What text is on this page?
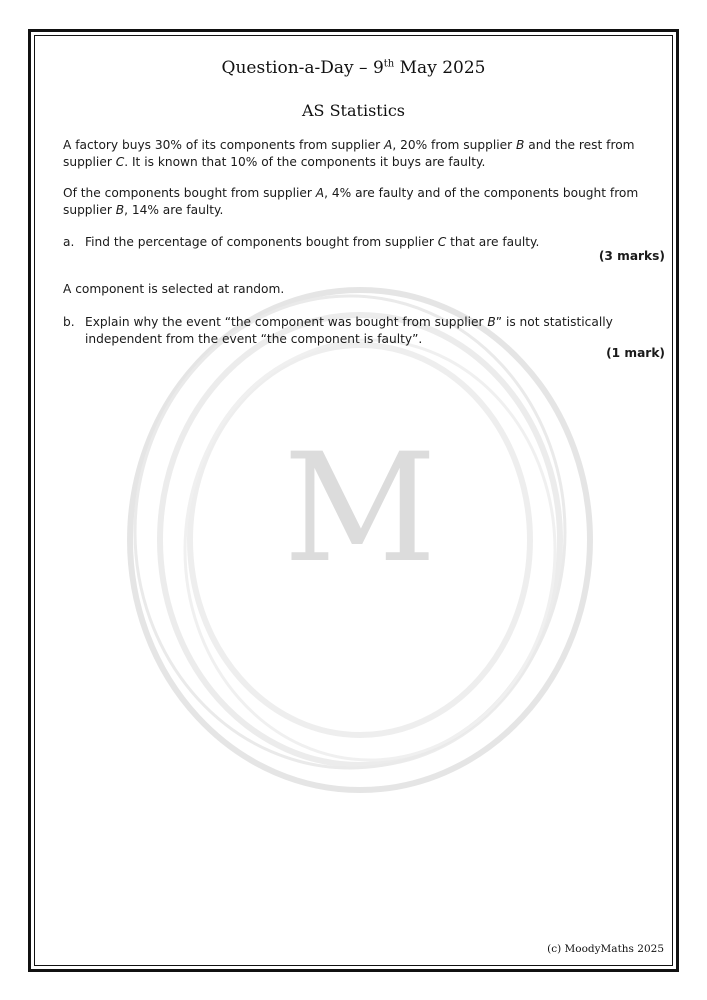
M
Question-a-Day – 9th May 2025
AS Statistics
A factory buys 30% of its components from supplier A, 20% from supplier B and the rest from supplier C. It is known that 10% of the components it buys are faulty.
Of the components bought from supplier A, 4% are faulty and of the components bought from supplier B, 14% are faulty.
a. Find the percentage of components bought from supplier C that are faulty.
(3 marks)
A component is selected at random.
b. Explain why the event “the component was bought from supplier B” is not statistically independent from the event “the component is faulty”.
(1 mark)
(c) MoodyMaths 2025
